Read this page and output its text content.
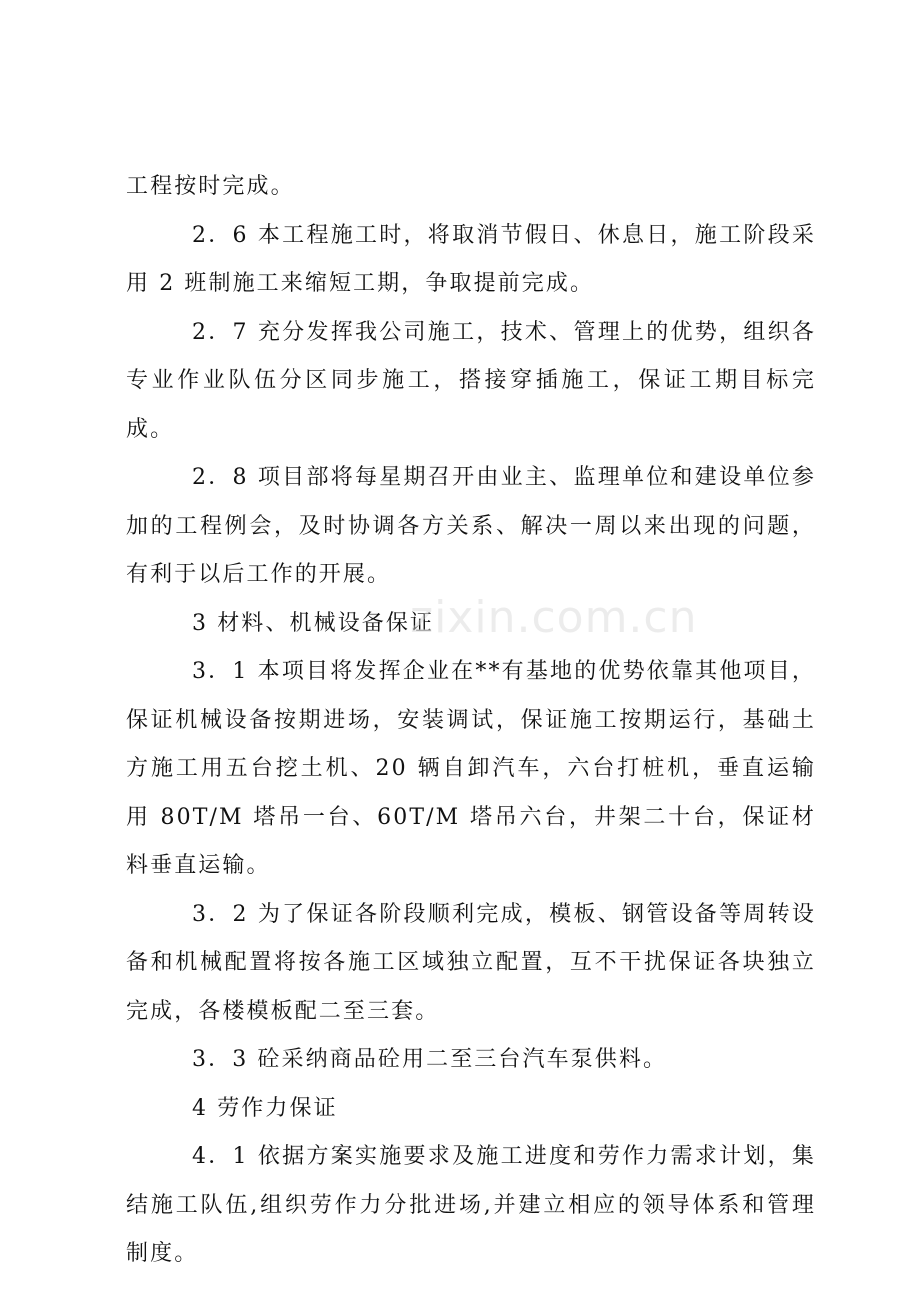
工程按时完成。

2．6 本工程施工时，将取消节假日、休息日，施工阶段采用 2 班制施工来缩短工期，争取提前完成。

2．7 充分发挥我公司施工，技术、管理上的优势，组织各专业作业队伍分区同步施工，搭接穿插施工，保证工期目标完成。

2．8 项目部将每星期召开由业主、监理单位和建设单位参加的工程例会，及时协调各方关系、解决一周以来出现的问题，有利于以后工作的开展。

3 材料、机械设备保证

3．1 本项目将发挥企业在**有基地的优势依靠其他项目，保证机械设备按期进场，安装调试，保证施工按期运行，基础土方施工用五台挖土机、20 辆自卸汽车，六台打桩机，垂直运输用 80T/M 塔吊一台、60T/M 塔吊六台，井架二十台，保证材料垂直运输。

3．2 为了保证各阶段顺利完成，模板、钢管设备等周转设备和机械配置将按各施工区域独立配置，互不干扰保证各块独立完成，各楼模板配二至三套。

3．3 砼采纳商品砼用二至三台汽车泵供料。

4 劳作力保证

4．1 依据方案实施要求及施工进度和劳作力需求计划，集结施工队伍,组织劳作力分批进场,并建立相应的领导体系和管理制度。

zixin.com.cn
